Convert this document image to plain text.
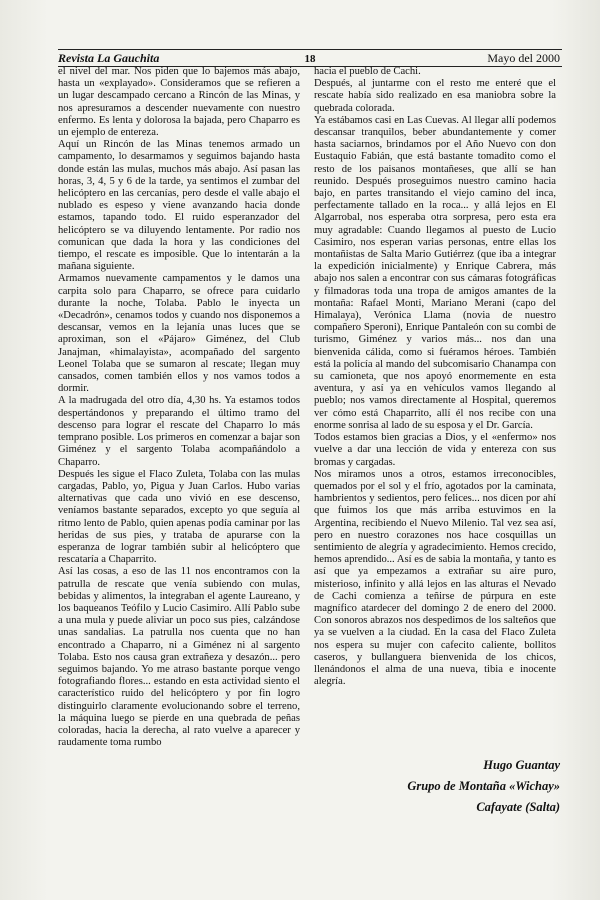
Revista La Gauchita	18	Mayo del 2000

el nivel del mar. Nos piden que lo bajemos más abajo, hasta un «explayado». Consideramos que se refieren a un lugar descampado cercano a Rincón de las Minas, y nos apresuramos a descender nuevamente con nuestro enfermo. Es lenta y dolorosa la bajada, pero Chaparro es un ejemplo de entereza.

Aquí un Rincón de las Minas tenemos armado un campamento, lo desarmamos y seguimos bajando hasta donde están las mulas, muchos más abajo. Así pasan las horas, 3, 4, 5 y 6 de la tarde, ya sentimos el zumbar del helicóptero en las cercanías, pero desde el valle abajo el nublado es espeso y viene avanzando hacia donde estamos, tapando todo. El ruido esperanzador del helicóptero se va diluyendo lentamente. Por radio nos comunican que dada la hora y las condiciones del tiempo, el rescate es imposible. Que lo intentarán a la mañana siguiente.

Armamos nuevamente campamentos y le damos una carpita solo para Chaparro, se ofrece para cuidarlo durante la noche, Tolaba. Pablo le inyecta un «Decadrón», cenamos todos y cuando nos disponemos a descansar, vemos en la lejanía unas luces que se aproximan, son el «Pájaro» Giménez, del Club Janajman, «himalayista», acompañado del sargento Leonel Tolaba que se sumaron al rescate; llegan muy cansados, comen también ellos y nos vamos todos a dormir.

A la madrugada del otro día, 4,30 hs. Ya estamos todos despertándonos y preparando el último tramo del descenso para lograr el rescate del Chaparro lo más temprano posible. Los primeros en comenzar a bajar son Giménez y el sargento Tolaba acompañándolo a Chaparro.

Después les sigue el Flaco Zuleta, Tolaba con las mulas cargadas, Pablo, yo, Pigua y Juan Carlos. Hubo varias alternativas que cada uno vivió en ese descenso, veníamos bastante separados, excepto yo que seguía al ritmo lento de Pablo, quien apenas podía caminar por las heridas de sus pies, y trataba de apurarse con la esperanza de lograr también subir al helicóptero que rescataría a Chaparrito.

Así las cosas, a eso de las 11 nos encontramos con la patrulla de rescate que venía subiendo con mulas, bebidas y alimentos, la integraban el agente Laureano, y los baqueanos Teófilo y Lucio Casimiro. Allí Pablo sube a una mula y puede aliviar un poco sus pies, calzándose unas sandalias. La patrulla nos cuenta que no han encontrado a Chaparro, ni a Giménez ni al sargento Tolaba. Esto nos causa gran extrañeza y desazón... pero seguimos bajando. Yo me atraso bastante porque vengo fotografiando flores... estando en esta actividad siento el característico ruido del helicóptero y por fin logro distinguirlo claramente evolucionando sobre el terreno, la máquina luego se pierde en una quebrada de peñas coloradas, hacia la derecha, al rato vuelve a aparecer y raudamente toma rumbo

hacia el pueblo de Cachi.

Después, al juntarme con el resto me enteré que el rescate había sido realizado en esa maniobra sobre la quebrada colorada.

Ya estábamos casi en Las Cuevas. Al llegar allí podemos descansar tranquilos, beber abundantemente y comer hasta saciarnos, brindamos por el Año Nuevo con don Eustaquio Fabián, que está bastante tomadito como el resto de los paisanos montañeses, que allí se han reunido. Después proseguimos nuestro camino hacia bajo, en partes transitando el viejo camino del inca, perfectamente tallado en la roca... y allá lejos en El Algarrobal, nos esperaba otra sorpresa, pero esta era muy agradable: Cuando llegamos al puesto de Lucio Casimiro, nos esperan varias personas, entre ellas los montañistas de Salta Mario Gutiérrez (que iba a integrar la expedición inicialmente) y Enrique Cabrera, más abajo nos salen a encontrar con sus cámaras fotográficas y filmadoras toda una tropa de amigos amantes de la montaña: Rafael Monti, Mariano Merani (capo del Himalaya), Verónica Llama (novia de nuestro compañero Speroni), Enrique Pantaleón con su combi de turismo, Giménez y varios más... nos dan una bienvenida cálida, como si fuéramos héroes. También está la policía al mando del subcomisario Chanampa con su camioneta, que nos apoyó enormemente en esta aventura, y así ya en vehículos vamos llegando al pueblo; nos vamos directamente al Hospital, queremos ver cómo está Chaparrito, allí él nos recibe con una enorme sonrisa al lado de su esposa y el Dr. García.

Todos estamos bien gracias a Dios, y el «enfermo» nos vuelve a dar una lección de vida y entereza con sus bromas y cargadas.

Nos miramos unos a otros, estamos irreconocibles, quemados por el sol y el frío, agotados por la caminata, hambrientos y sedientos, pero felices... nos dicen por ahí que fuimos los que más arriba estuvimos en la Argentina, recibiendo el Nuevo Milenio. Tal vez sea así, pero en nuestro corazones nos hace cosquillas un sentimiento de alegría y agradecimiento. Hemos crecido, hemos aprendido... Así es de sabia la montaña, y tanto es así que ya empezamos a extrañar su aire puro, misterioso, infinito y allá lejos en las alturas el Nevado de Cachi comienza a teñirse de púrpura en este magnífico atardecer del domingo 2 de enero del 2000. Con sonoros abrazos nos despedimos de los salteños que ya se vuelven a la ciudad. En la casa del Flaco Zuleta nos espera su mujer con cafecito caliente, bollitos caseros, y bullanguera bienvenida de los chicos, llenándonos el alma de una nueva, tibia e inocente alegría.

Hugo Guantay
Grupo de Montaña «Wichay»
Cafayate (Salta)
